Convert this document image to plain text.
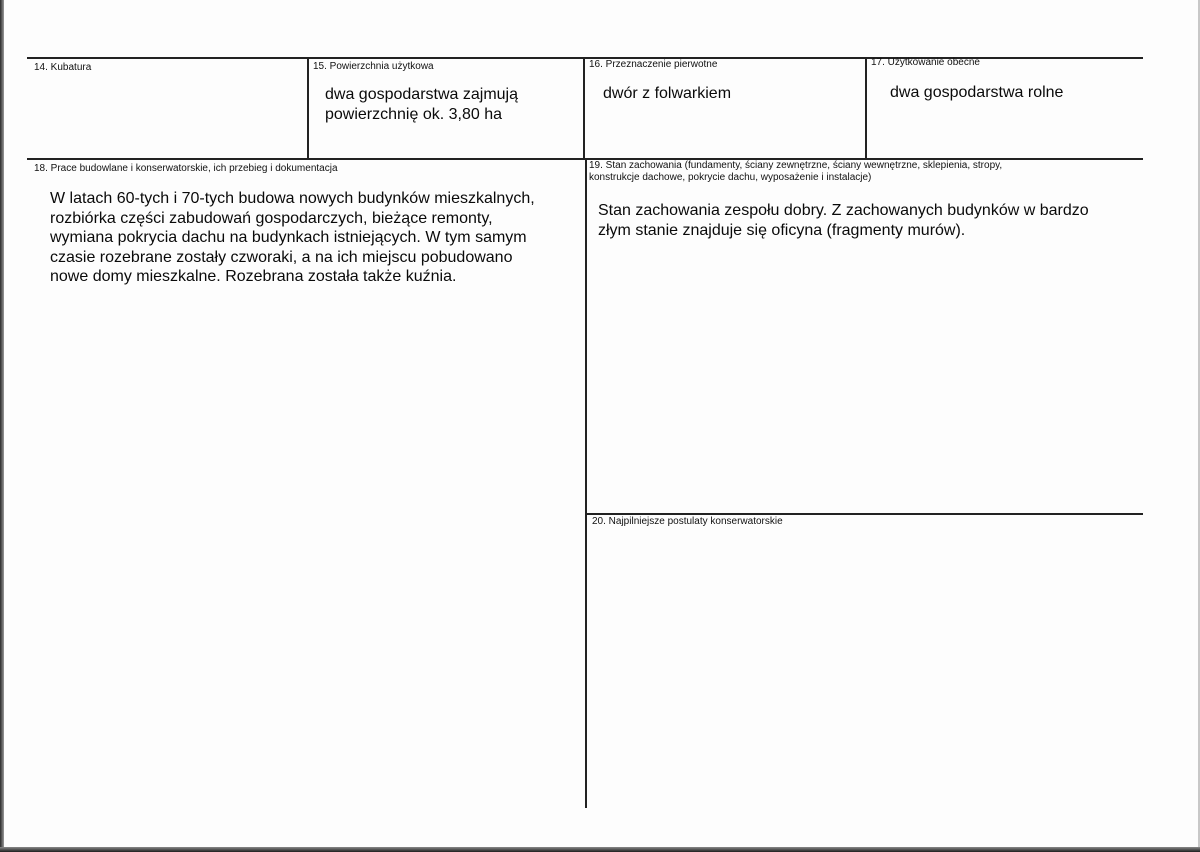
14. Kubatura	15. Powierzchnia użytkowa
dwa gospodarstwa zajmują
powierzchnię ok. 3,80 ha
16. Przeznaczenie pierwotne
dwór z folwarkiem
17. Użytkowanie obecne
dwa gospodarstwa rolne
18. Prace budowlane i konserwatorskie, ich przebieg i dokumentacja
W latach 60-tych i 70-tych budowa nowych budynków mieszkalnych,
rozbiórka części zabudowań gospodarczych, bieżące remonty,
wymiana pokrycia dachu na budynkach istniejących. W tym samym
czasie rozebrane zostały czworaki, a na ich miejscu pobudowano
nowe domy mieszkalne. Rozebrana została także kuźnia.
19. Stan zachowania (fundamenty, ściany zewnętrzne, ściany wewnętrzne, sklepienia, stropy,
konstrukcje dachowe, pokrycie dachu, wyposażenie i instalacje)
Stan zachowania zespołu dobry. Z zachowanych budynków w bardzo
złym stanie znajduje się oficyna (fragmenty murów).
20. Najpilniejsze postulaty konserwatorskie
